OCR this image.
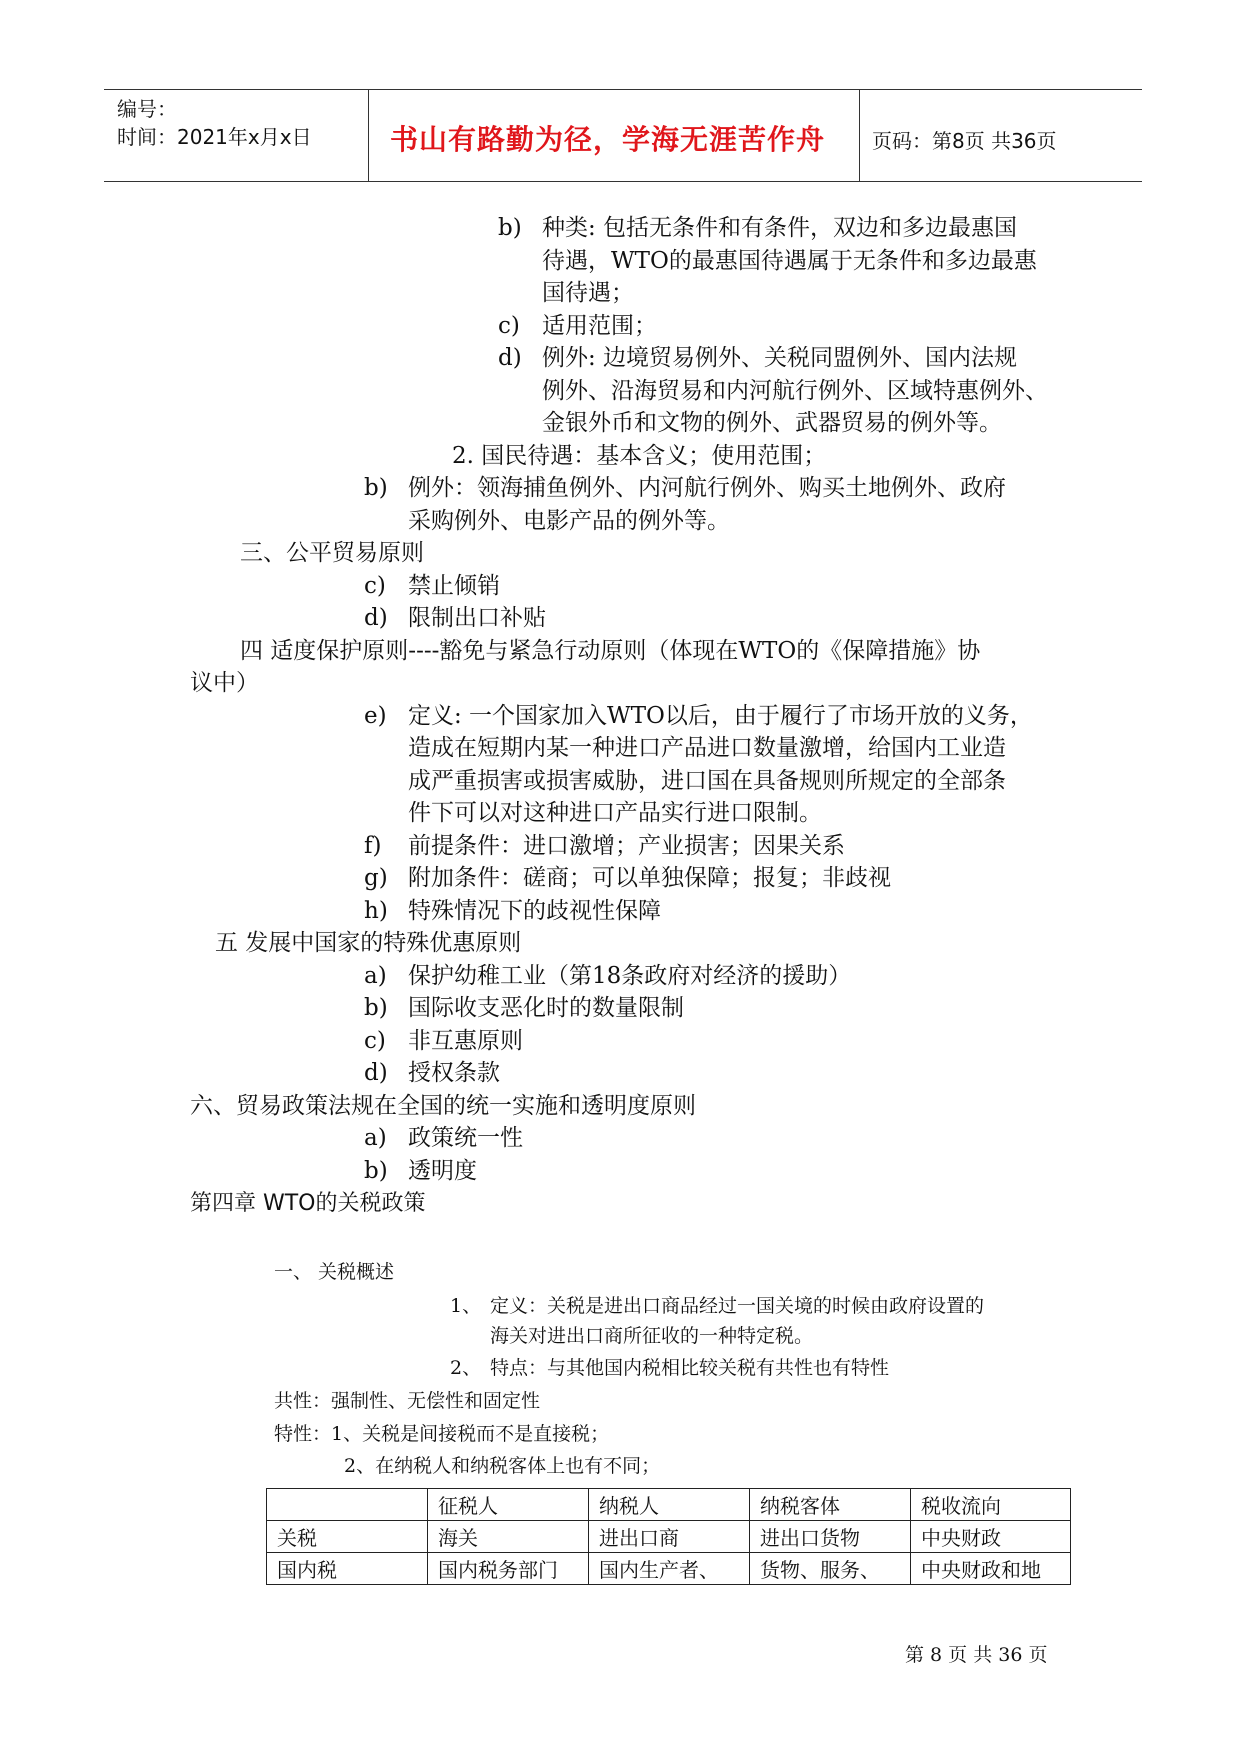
编号：
时间：2021年x月x日	书山有路勤为径，学海无涯苦作舟	页码：第8页 共36页
b) 种类: 包括无条件和有条件，双边和多边最惠国
待遇，WTO的最惠国待遇属于无条件和多边最惠
国待遇；
c) 适用范围；
d) 例外: 边境贸易例外、关税同盟例外、国内法规
例外、沿海贸易和内河航行例外、区域特惠例外、
金银外币和文物的例外、武器贸易的例外等。
2. 国民待遇：基本含义；使用范围；
b) 例外：领海捕鱼例外、内河航行例外、购买土地例外、政府
采购例外、电影产品的例外等。
三、公平贸易原则
c) 禁止倾销
d) 限制出口补贴
四 适度保护原则----豁免与紧急行动原则（体现在WTO的《保障措施》协
议中）
e) 定义: 一个国家加入WTO以后，由于履行了市场开放的义务，
造成在短期内某一种进口产品进口数量激增，给国内工业造
成严重损害或损害威胁，进口国在具备规则所规定的全部条
件下可以对这种进口产品实行进口限制。
f) 前提条件：进口激增；产业损害；因果关系
g) 附加条件：磋商；可以单独保障；报复；非歧视
h) 特殊情况下的歧视性保障
五 发展中国家的特殊优惠原则
a) 保护幼稚工业（第18条政府对经济的援助）
b) 国际收支恶化时的数量限制
c) 非互惠原则
d) 授权条款
六、贸易政策法规在全国的统一实施和透明度原则
a) 政策统一性
b) 透明度
第四章 WTO的关税政策
一、 关税概述
1、 定义：关税是进出口商品经过一国关境的时候由政府设置的
海关对进出口商所征收的一种特定税。
2、 特点：与其他国内税相比较关税有共性也有特性
共性：强制性、无偿性和固定性
特性：1、关税是间接税而不是直接税；
2、在纳税人和纳税客体上也有不同；
	征税人	纳税人	纳税客体	税收流向
关税	海关	进出口商	进出口货物	中央财政
国内税	国内税务部门	国内生产者、	货物、服务、	中央财政和地
第 8 页 共 36 页
